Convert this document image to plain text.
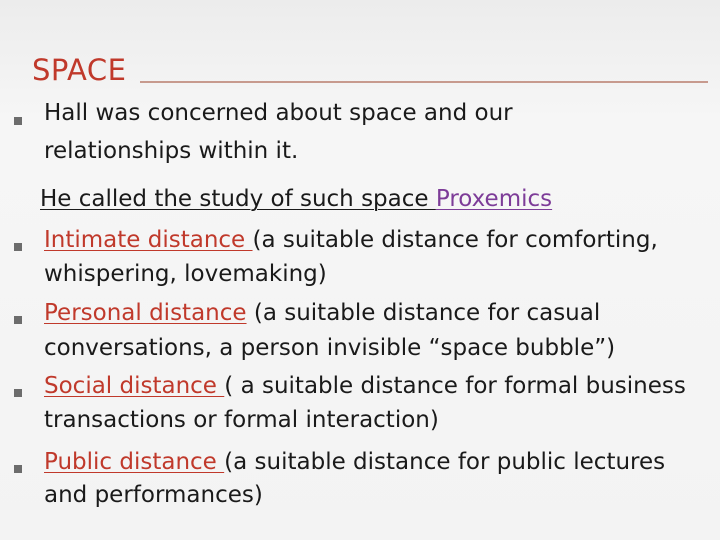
SPACE
Hall was concerned about space and our
relationships within it.
He called the study of such space Proxemics
Intimate distance (a suitable distance for comforting,
whispering, lovemaking)
Personal distance (a suitable distance for casual
conversations, a person invisible “space bubble”)
Social distance ( a suitable distance for formal business
transactions or formal interaction)
Public distance (a suitable distance for public lectures
and performances)
